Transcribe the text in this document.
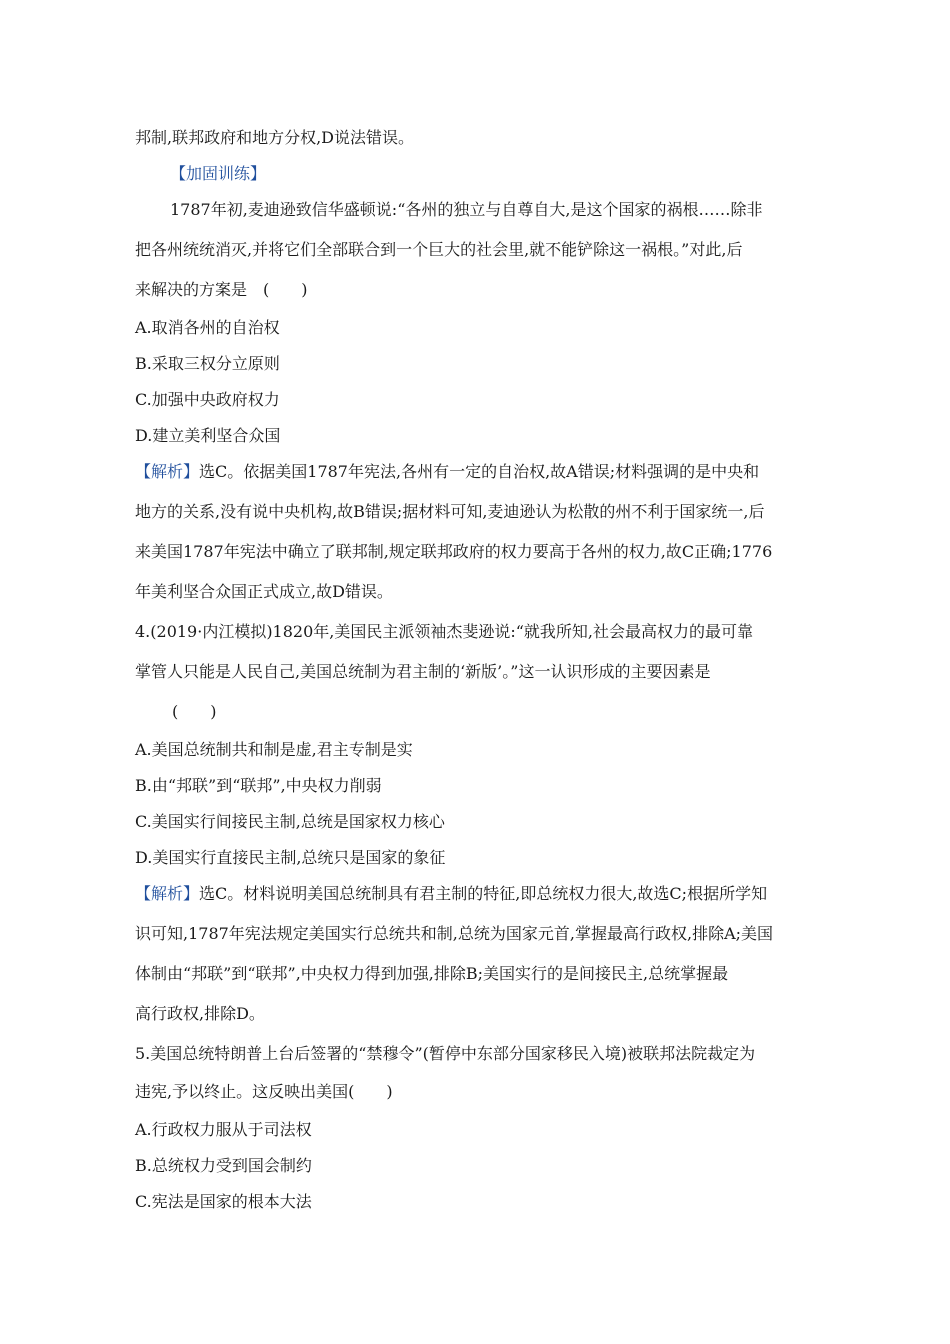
邦制,联邦政府和地方分权,D说法错误。
【加固训练】
1787年初,麦迪逊致信华盛顿说:“各州的独立与自尊自大,是这个国家的祸根……除非
把各州统统消灭,并将它们全部联合到一个巨大的社会里,就不能铲除这一祸根。”对此,后
来解决的方案是　(　　)
A.取消各州的自治权
B.采取三权分立原则
C.加强中央政府权力
D.建立美利坚合众国
【解析】选C。依据美国1787年宪法,各州有一定的自治权,故A错误;材料强调的是中央和
地方的关系,没有说中央机构,故B错误;据材料可知,麦迪逊认为松散的州不利于国家统一,后
来美国1787年宪法中确立了联邦制,规定联邦政府的权力要高于各州的权力,故C正确;1776
年美利坚合众国正式成立,故D错误。
4.(2019·内江模拟)1820年,美国民主派领袖杰斐逊说:“就我所知,社会最高权力的最可靠
掌管人只能是人民自己,美国总统制为君主制的‘新版’。”这一认识形成的主要因素是
(　　)
A.美国总统制共和制是虚,君主专制是实
B.由“邦联”到“联邦”,中央权力削弱
C.美国实行间接民主制,总统是国家权力核心
D.美国实行直接民主制,总统只是国家的象征
【解析】选C。材料说明美国总统制具有君主制的特征,即总统权力很大,故选C;根据所学知
识可知,1787年宪法规定美国实行总统共和制,总统为国家元首,掌握最高行政权,排除A;美国
体制由“邦联”到“联邦”,中央权力得到加强,排除B;美国实行的是间接民主,总统掌握最
高行政权,排除D。
5.美国总统特朗普上台后签署的“禁穆令”(暂停中东部分国家移民入境)被联邦法院裁定为
违宪,予以终止。这反映出美国(　　)
A.行政权力服从于司法权
B.总统权力受到国会制约
C.宪法是国家的根本大法
